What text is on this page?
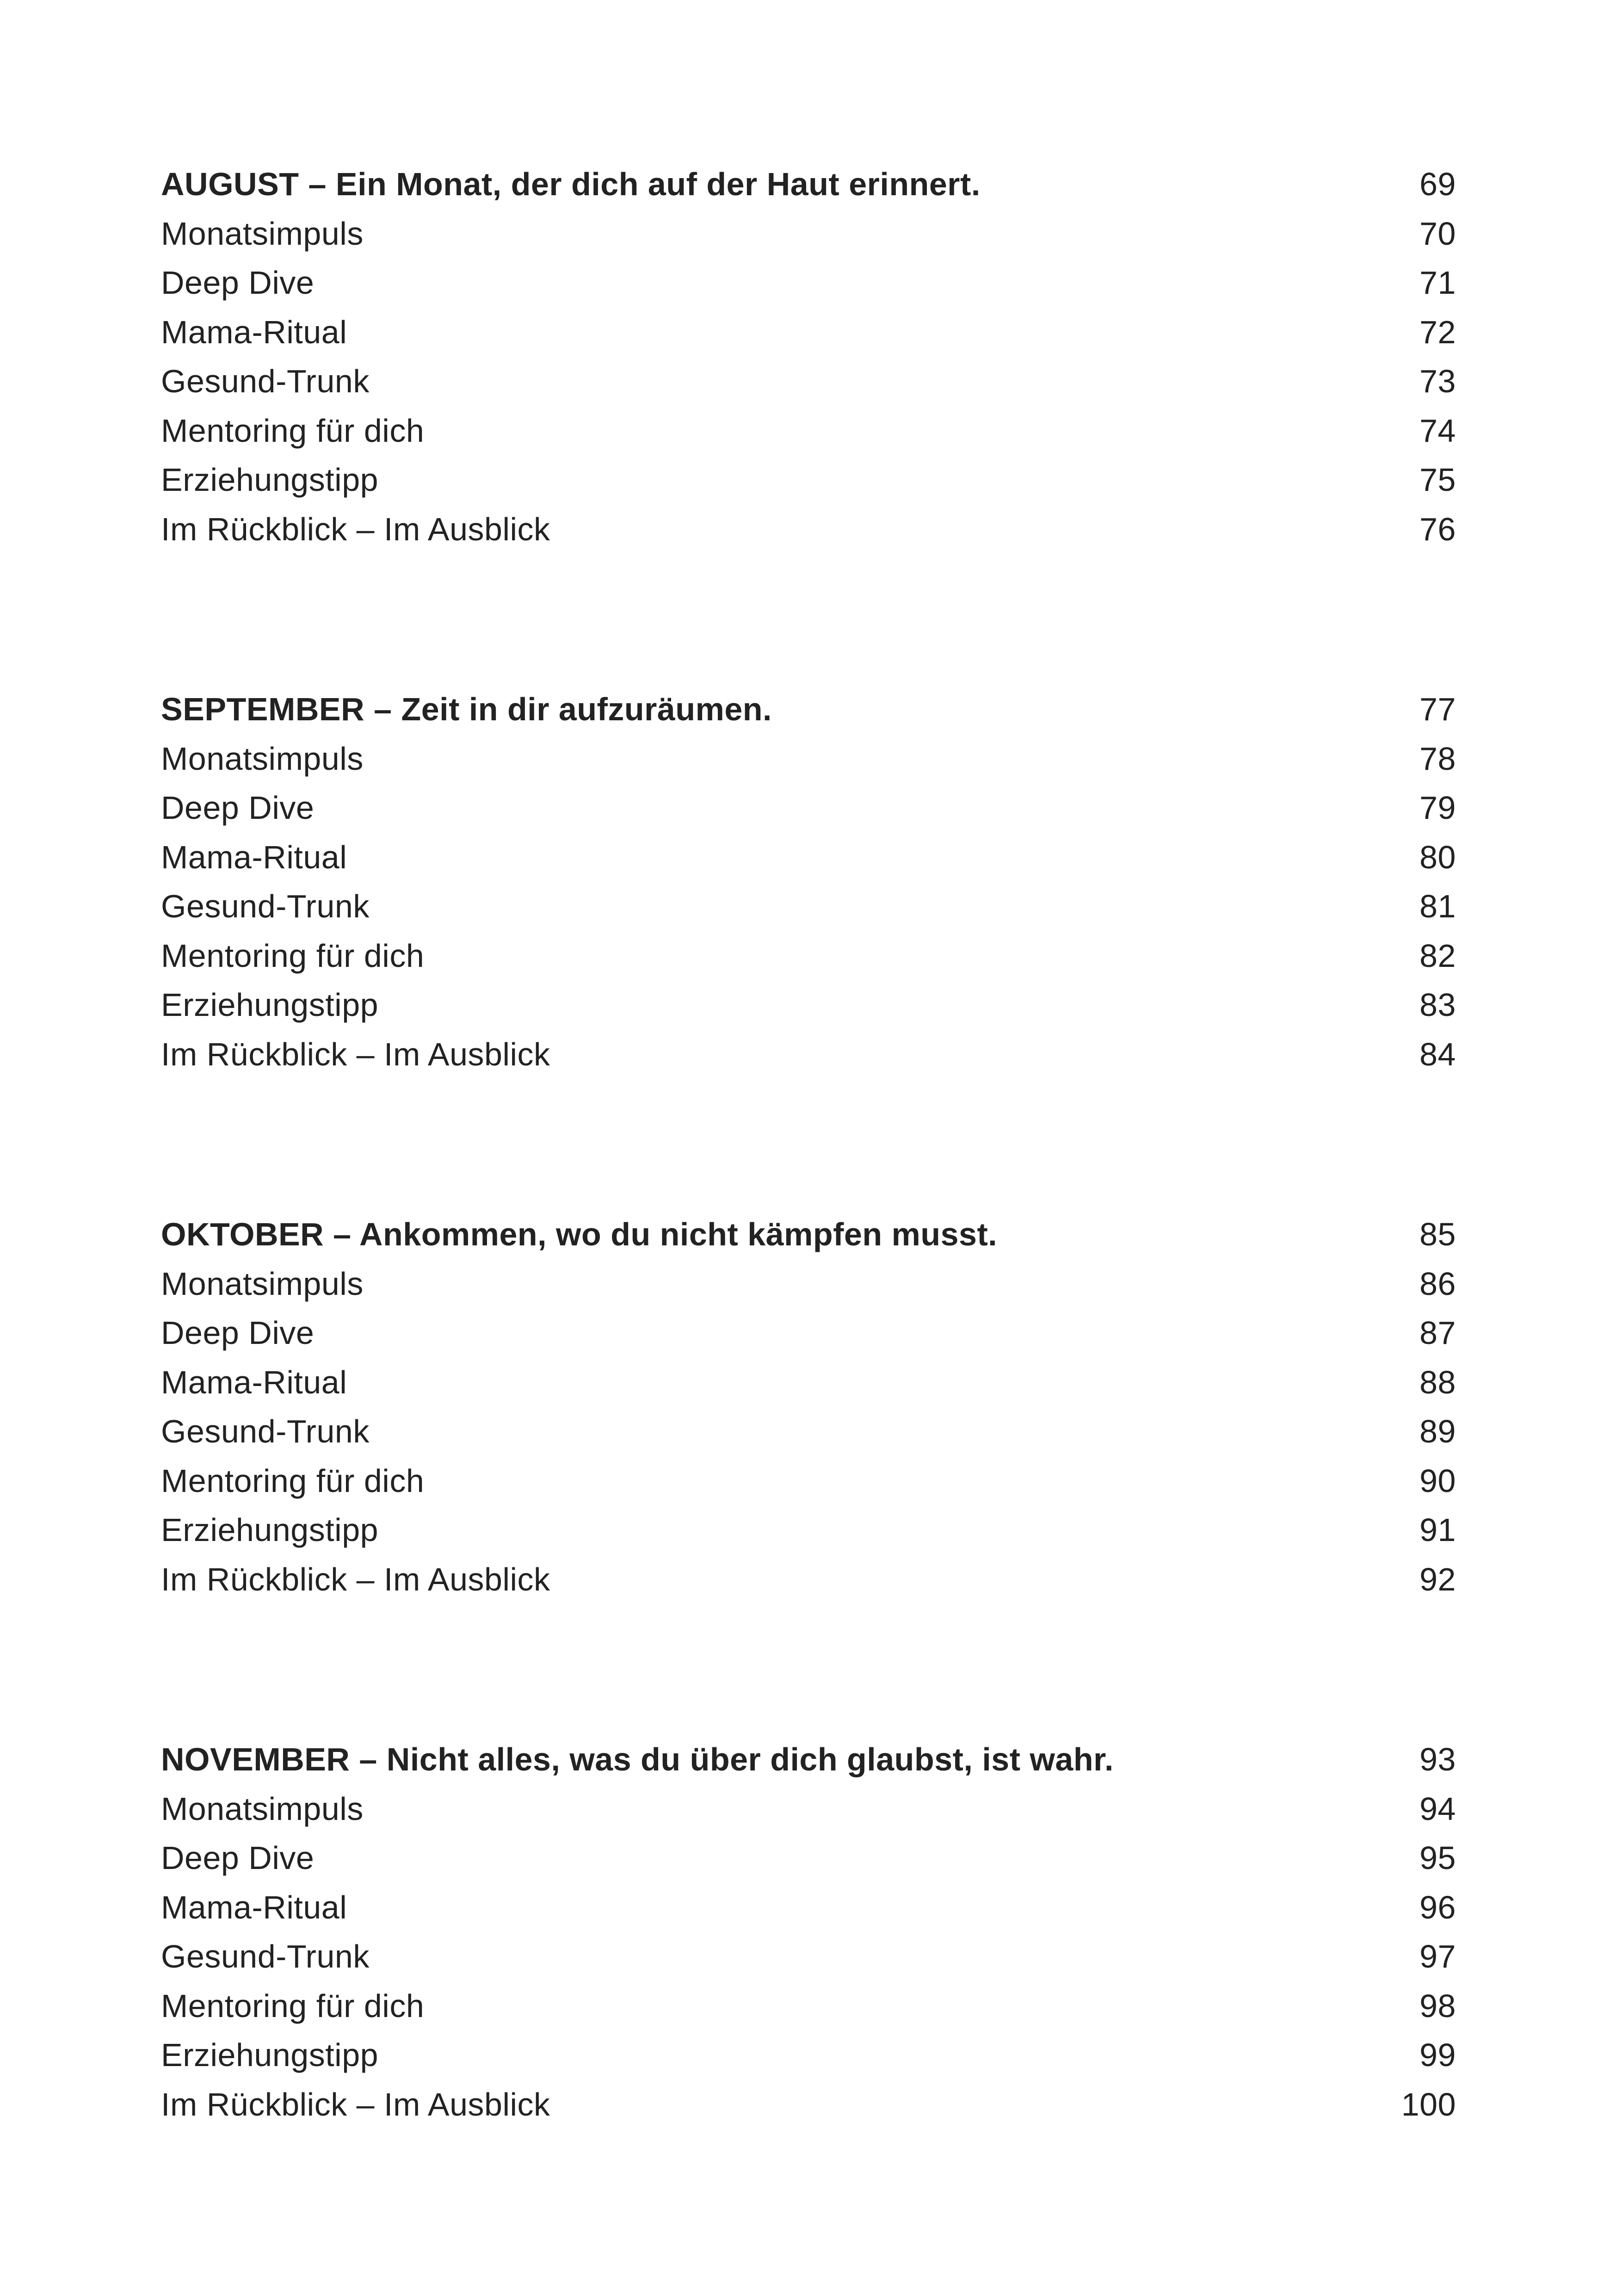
AUGUST – Ein Monat, der dich auf der Haut erinnert.	69
Monatsimpuls	70
Deep Dive	71
Mama-Ritual	72
Gesund-Trunk	73
Mentoring für dich	74
Erziehungstipp	75
Im Rückblick – Im Ausblick	76
SEPTEMBER – Zeit in dir aufzuräumen.	77
Monatsimpuls	78
Deep Dive	79
Mama-Ritual	80
Gesund-Trunk	81
Mentoring für dich	82
Erziehungstipp	83
Im Rückblick – Im Ausblick	84
OKTOBER – Ankommen, wo du nicht kämpfen musst.	85
Monatsimpuls	86
Deep Dive	87
Mama-Ritual	88
Gesund-Trunk	89
Mentoring für dich	90
Erziehungstipp	91
Im Rückblick – Im Ausblick	92
NOVEMBER – Nicht alles, was du über dich glaubst, ist wahr.	93
Monatsimpuls	94
Deep Dive	95
Mama-Ritual	96
Gesund-Trunk	97
Mentoring für dich	98
Erziehungstipp	99
Im Rückblick – Im Ausblick	100
